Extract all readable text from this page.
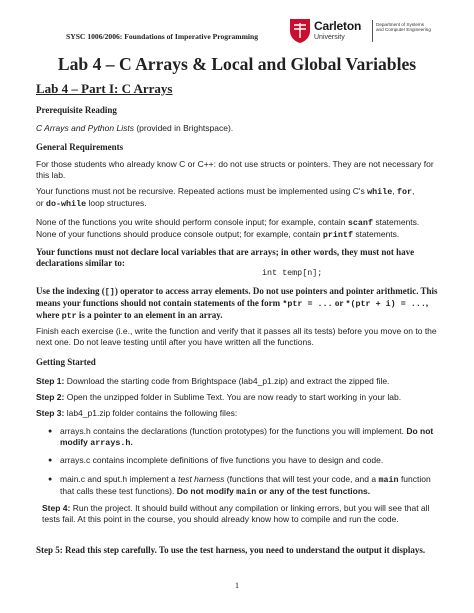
SYSC 1006/2006: Foundations of Imperative Programming
Carleton
University
Department of Systems
and Computer Engineering
Lab 4 – C Arrays & Local and Global Variables
Lab 4 – Part I: C Arrays
Prerequisite Reading
C Arrays and Python Lists (provided in Brightspace).
General Requirements
For those students who already know C or C++: do not use structs or pointers. They are not necessary for this lab.
Your functions must not be recursive. Repeated actions must be implemented using C's while, for,
or do-while loop structures.
None of the functions you write should perform console input; for example, contain scanf statements. None of your functions should produce console output; for example, contain printf statements.
Your functions must not declare local variables that are arrays; in other words, they must not have declarations similar to:
int temp[n];
Use the indexing ([]) operator to access array elements. Do not use pointers and pointer arithmetic. This means your functions should not contain statements of the form *ptr = ... or *(ptr + i) = ..., where ptr is a pointer to an element in an array.
Finish each exercise (i.e., write the function and verify that it passes all its tests) before you move on to the next one. Do not leave testing until after you have written all the functions.
Getting Started
Step 1: Download the starting code from Brightspace (lab4_p1.zip) and extract the zipped file.
Step 2: Open the unzipped folder in Sublime Text. You are now ready to start working in your lab.
Step 3: lab4_p1.zip folder contains the following files:
● arrays.h contains the declarations (function prototypes) for the functions you will implement. Do not modify arrays.h.
● arrays.c contains incomplete definitions of five functions you have to design and code.
● main.c and sput.h implement a test harness (functions that will test your code, and a main function that calls these test functions). Do not modify main or any of the test functions.
Step 4: Run the project. It should build without any compilation or linking errors, but you will see that all tests fail. At this point in the course, you should already know how to compile and run the code.
Step 5: Read this step carefully. To use the test harness, you need to understand the output it displays.
1
